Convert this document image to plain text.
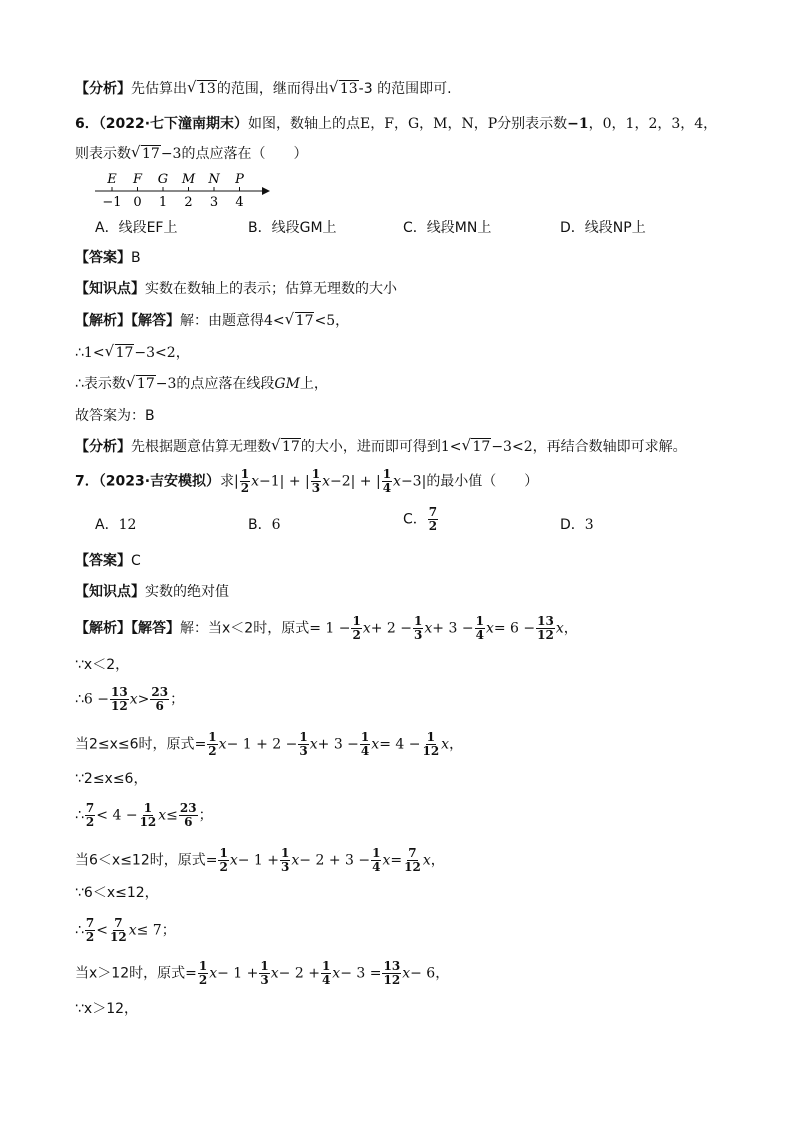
【分析】先估算出 √ 13的范围，继而得出 √ 13-3 的范围即可.
6．（2022·七下潼南期末）如图，数轴上的点E，F，G，M，N，P分别表示数−1，0，1，2，3，4，
则表示数 √ 17−3的点应落在（　　）
E
−1
F
0
G
1
M
2
N
3
P
4
A．线段EF上	B．线段GM上	C．线段MN上	D．线段NP上
【答案】B
【知识点】实数在数轴上的表示；估算无理数的大小
【解析】【解答】解：由题意得4< √ 17<5，
∴1< √ 17−3<2，
∴表示数 √ 17−3的点应落在线段GM上，
故答案为：B
【分析】先根据题意估算无理数 √ 17的大小，进而即可得到1< √ 17−3<2，再结合数轴即可求解。
7．（2023·吉安模拟）求| $\frac{1}{2} x-1|$ + | $\frac{1}{3} x-2|$ + | $\frac{1}{4} x-3|$的最小值（　　）
A．12	B．6	C． $\frac{7}{2}$	D．3
【答案】C
【知识点】实数的绝对值
【解析】【解答】解：当x＜2时，原式= $1 - \frac{1}{2} x+ 2 - \frac{1}{3} x+ 3 - \frac{1}{4} x= 6 - \frac{13}{12}$ x，
∵x＜2，
∴6 − $\frac{13}{12} x> \frac{23}{6}$ ；
当2≤x≤6时，原式= $\frac{1}{2} x- 1 + 2 - \frac{1}{3} x+ 3 - \frac{1}{4} x= 4 - \frac{1}{12}$ x，
∵2≤x≤6，
∴ $\frac{7}{2} < 4 - \frac{1}{12} x\le \frac{23}{6}$ ；
当6＜x≤12时，原式= $\frac{1}{2} x- 1 + \frac{1}{3} x- 2 + 3 - \frac{1}{4} x= \frac{7}{12}$ x，
∵6＜x≤12，
∴ $\frac{7}{2} < \frac{7}{12} x\le 7$；
当x＞12时，原式= $\frac{1}{2} x- 1 + \frac{1}{3} x- 2 + \frac{1}{4} x- 3 = \frac{13}{12} x- 6$，
∵x＞12，
